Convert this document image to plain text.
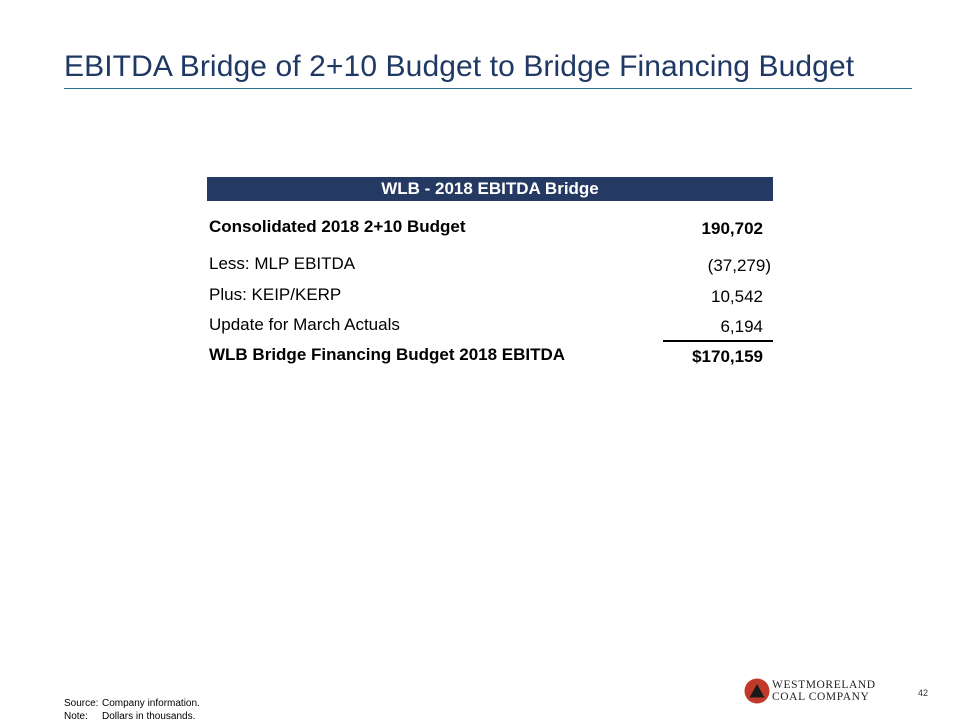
EBITDA Bridge of 2+10 Budget to Bridge Financing Budget
WLB - 2018 EBITDA Bridge
Consolidated 2018 2+10 Budget	190,702
Less: MLP EBITDA	(37,279)
Plus: KEIP/KERP	10,542
Update for March Actuals	6,194
WLB Bridge Financing Budget 2018 EBITDA	$170,159
Source: Company information.
Note: Dollars in thousands.
WESTMORELAND
COAL COMPANY	42
